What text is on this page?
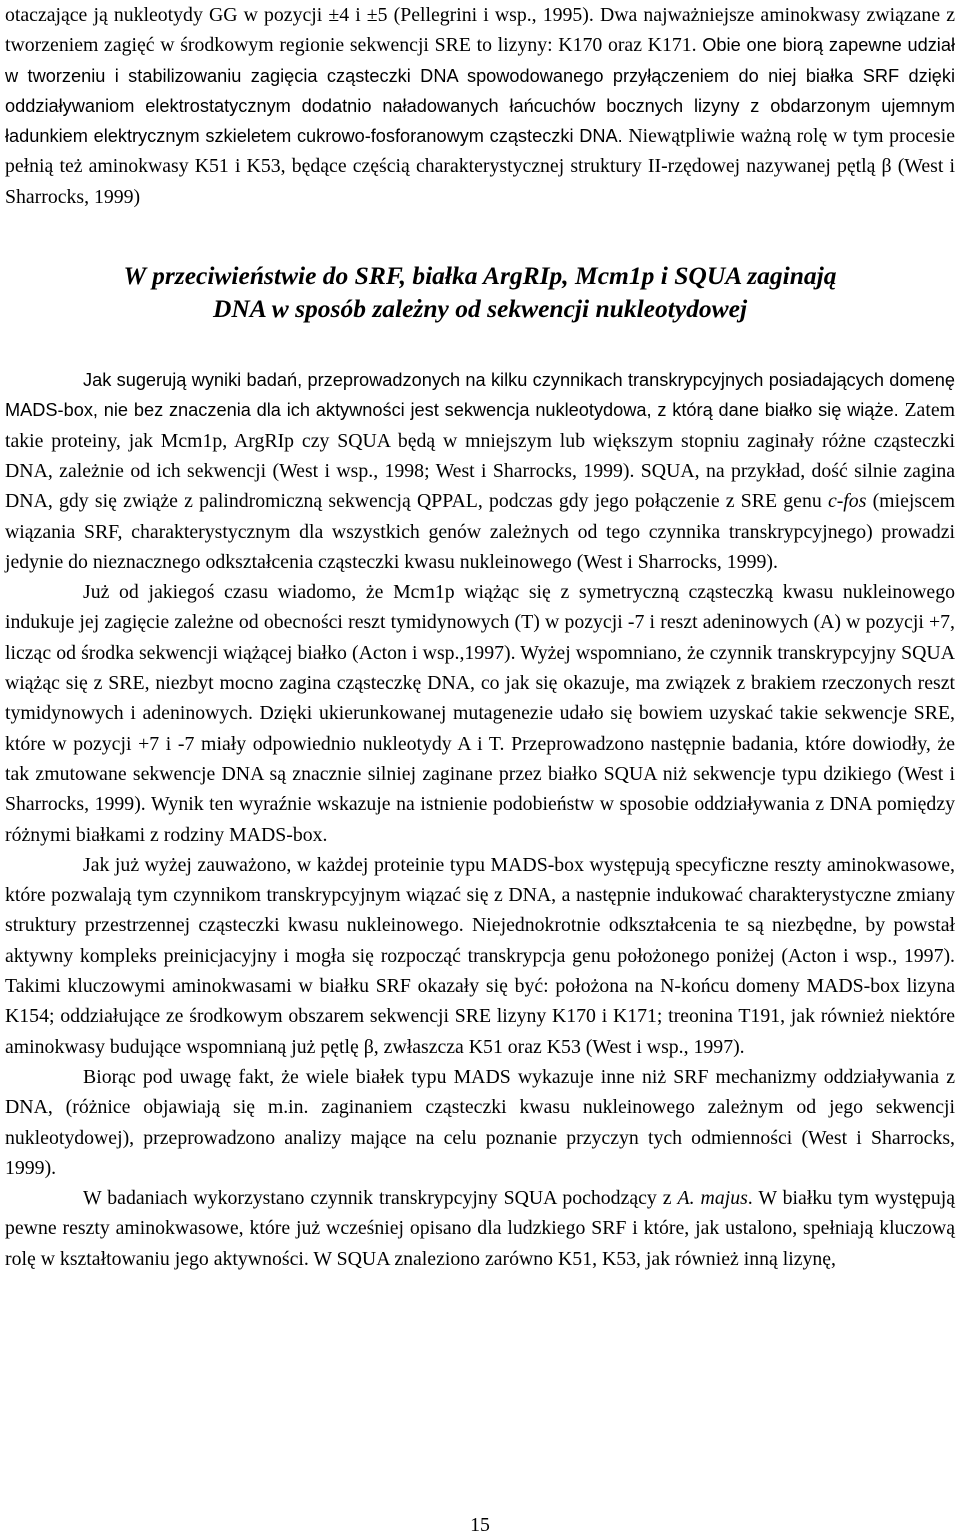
otaczające ją nukleotydy GG w pozycji ±4 i ±5 (Pellegrini i wsp., 1995). Dwa najważniejsze aminokwasy związane z tworzeniem zagięć w środkowym regionie sekwencji SRE to lizyny: K170 oraz K171. Obie one biorą zapewne udział w tworzeniu i stabilizowaniu zagięcia cząsteczki DNA spowodowanego przyłączeniem do niej białka SRF dzięki oddziaływaniom elektrostatycznym dodatnio naładowanych łańcuchów bocznych lizyny z obdarzonym ujemnym ładunkiem elektrycznym szkieletem cukrowo-fosforanowym cząsteczki DNA. Niewątpliwie ważną rolę w tym procesie pełnią też aminokwasy K51 i K53, będące częścią charakterystycznej struktury II-rzędowej nazywanej pętlą β (West i Sharrocks, 1999)

W przeciwieństwie do SRF, białka ArgRIp, Mcm1p i SQUA zaginają
DNA w sposób zależny od sekwencji nukleotydowej

Jak sugerują wyniki badań, przeprowadzonych na kilku czynnikach transkrypcyjnych posiadających domenę MADS-box, nie bez znaczenia dla ich aktywności jest sekwencja nukleotydowa, z którą dane białko się wiąże. Zatem takie proteiny, jak Mcm1p, ArgRIp czy SQUA będą w mniejszym lub większym stopniu zaginały różne cząsteczki DNA, zależnie od ich sekwencji (West i wsp., 1998; West i Sharrocks, 1999). SQUA, na przykład, dość silnie zagina DNA, gdy się zwiąże z palindromiczną sekwencją QPPAL, podczas gdy jego połączenie z SRE genu c-fos (miejscem wiązania SRF, charakterystycznym dla wszystkich genów zależnych od tego czynnika transkrypcyjnego) prowadzi jedynie do nieznacznego odkształcenia cząsteczki kwasu nukleinowego (West i Sharrocks, 1999).

Już od jakiegoś czasu wiadomo, że Mcm1p wiążąc się z symetryczną cząsteczką kwasu nukleinowego indukuje jej zagięcie zależne od obecności reszt tymidynowych (T) w pozycji -7 i reszt adeninowych (A) w pozycji +7, licząc od środka sekwencji wiążącej białko (Acton i wsp.,1997). Wyżej wspomniano, że czynnik transkrypcyjny SQUA wiążąc się z SRE, niezbyt mocno zagina cząsteczkę DNA, co jak się okazuje, ma związek z brakiem rzeczonych reszt tymidynowych i adeninowych. Dzięki ukierunkowanej mutagenezie udało się bowiem uzyskać takie sekwencje SRE, które w pozycji +7 i -7 miały odpowiednio nukleotydy A i T. Przeprowadzono następnie badania, które dowiodły, że tak zmutowane sekwencje DNA są znacznie silniej zaginane przez białko SQUA niż sekwencje typu dzikiego (West i Sharrocks, 1999). Wynik ten wyraźnie wskazuje na istnienie podobieństw w sposobie oddziaływania z DNA pomiędzy różnymi białkami z rodziny MADS-box.

Jak już wyżej zauważono, w każdej proteinie typu MADS-box występują specyficzne reszty aminokwasowe, które pozwalają tym czynnikom transkrypcyjnym wiązać się z DNA, a następnie indukować charakterystyczne zmiany struktury przestrzennej cząsteczki kwasu nukleinowego. Niejednokrotnie odkształcenia te są niezbędne, by powstał aktywny kompleks preinicjacyjny i mogła się rozpocząć transkrypcja genu położonego poniżej (Acton i wsp., 1997). Takimi kluczowymi aminokwasami w białku SRF okazały się być: położona na N-końcu domeny MADS-box lizyna K154; oddziałujące ze środkowym obszarem sekwencji SRE lizyny K170 i K171; treonina T191, jak również niektóre aminokwasy budujące wspomnianą już pętlę β, zwłaszcza K51 oraz K53 (West i wsp., 1997).

Biorąc pod uwagę fakt, że wiele białek typu MADS wykazuje inne niż SRF mechanizmy oddziaływania z DNA, (różnice objawiają się m.in. zaginaniem cząsteczki kwasu nukleinowego zależnym od jego sekwencji nukleotydowej), przeprowadzono analizy mające na celu poznanie przyczyn tych odmienności (West i Sharrocks, 1999).

W badaniach wykorzystano czynnik transkrypcyjny SQUA pochodzący z A. majus. W białku tym występują pewne reszty aminokwasowe, które już wcześniej opisano dla ludzkiego SRF i które, jak ustalono, spełniają kluczową rolę w kształtowaniu jego aktywności. W SQUA znaleziono zarówno K51, K53, jak również inną lizynę,

15
